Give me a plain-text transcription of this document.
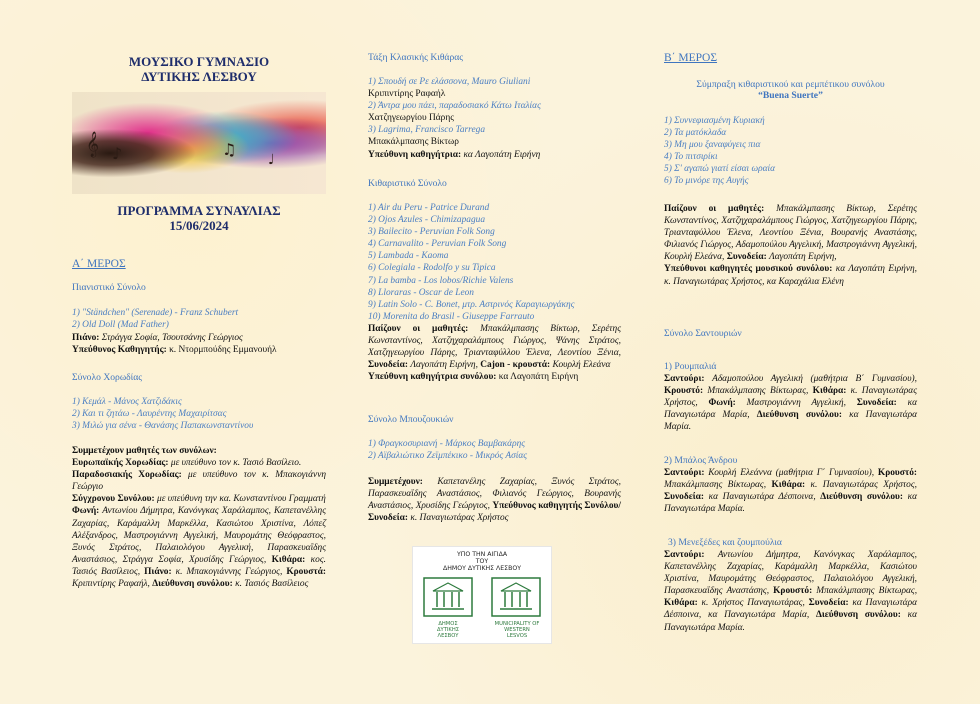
ΜΟΥΣΙΚΟ ΓΥΜΝΑΣΙΟ
ΔΥΤΙΚΗΣ ΛΕΣΒΟΥ

𝄞 ♪	♫
♩

ΠΡΟΓΡΑΜΜΑ ΣΥΝΑΥΛΙΑΣ
15/06/2024

Α΄ ΜΕΡΟΣ

Πιανιστικό Σύνολο

1) "Ständchen" (Serenade) - Franz Schubert

2) Old Doll (Mad Father)

Πιάνο: Στράγγα Σοφία, Τσουτσάνης Γεώργιος
Υπεύθυνος Καθηγητής: κ. Ντορμπούδης Εμμανουήλ

Σύνολο Χορωδίας

1) Κεμάλ - Μάνος Χατζιδάκις

2) Και τι ζητάω - Λαυρέντης Μαχαιρίτσας

3) Μιλώ για σένα - Θανάσης Παπακωνσταντίνου

Συμμετέχουν μαθητές των συνόλων:
Ευρωπαϊκής Χορωδίας: με υπεύθυνο τον κ. Τασιό Βασίλειο.
Παραδοσιακής Χορωδίας: με υπεύθυνο τον κ. Μπακογιάννη Γεώργιο
Σύγχρονου Συνόλου: με υπεύθυνη την κα. Κωνσταντίνου Γραμματή
Φωνή: Αντωνίου Δήμητρα, Κανόνγκας Χαράλαμπος, Καπετανέλλης Ζαχαρίας, Καράμαλλη Μαρκέλλα, Κασιώτου Χριστίνα, Λόπεζ Αλέξανδρος, Μαστρογιάννη Αγγελική, Μαυρομάτης Θεόφραστος, Ξυνός Στράτος, Παλαιολόγου Αγγελική, Παρασκευαΐδης Αναστάσιος, Στράγγα Σοφία, Χρυσίδης Γεώργιος, Κιθάρα: κος. Τασιός Βασίλειος, Πιάνο: κ. Μπακογιάννης Γεώργιος, Κρουστά: Κριπιντίρης Ραφαήλ, Διεύθυνση συνόλου: κ. Τασιός Βασίλειος

Τάξη Κλασικής Κιθάρας

1) Σπουδή σε Ρε ελάσσονα, Mauro Giuliani
Κριπιντίρης Ραφαήλ
2) Άντρα μου πάει, παραδοσιακό Κάτω Ιταλίας
Χατζηγεωργίου Πάρης
3) Lagrima, Francisco Tarrega
Μπακάλμπασης Βίκτωρ
Υπεύθυνη καθηγήτρια: κα Λαγοπάτη Ειρήνη

Κιθαριστικό Σύνολο

1) Air du Peru - Patrice Durand

2) Ojos Azules - Chimizapagua

3) Bailecito - Peruvian Folk Song

4) Carnavalito - Peruvian Folk Song

5) Lambada - Kaoma

6) Colegiala - Rodolfo y su Tipica

7) La bamba - Los lobos/Richie Valens

8) Lloraras - Oscar de Leon

9) Latin Solo - C. Bonet, μτρ. Αστρινός Καραγιωργάκης

10) Morenita do Brasil - Giuseppe Farrauto

Παίζουν οι μαθητές: Μπακάλμπασης Βίκτωρ, Σερέτης Κωνσταντίνος, Χατζηχαραλάμπους Γιώργος, Ψάνης Στράτος, Χατζηγεωργίου Πάρης, Τριανταφύλλου Έλενα, Λεοντίου Ξένια, Συνοδεία: Λαγοπάτη Ειρήνη, Cajon - κρουστά: Κουρλή Ελεάνα
Υπεύθυνη καθηγήτρια συνόλου: κα Λαγοπάτη Ειρήνη

Σύνολο Μπουζουκιών

1) Φραγκοσυριανή - Μάρκος Βαμβακάρης

2) Αϊβαλιώτικο Ζεϊμπέκικο - Μικρός Ασίας

Συμμετέχουν: Καπετανέλης Ζαχαρίας, Ξυνός Στράτος, Παρασκευαΐδης Αναστάσιος, Φιλιανός Γεώργιος, Βουρανής Αναστάσιος, Χρυσίδης Γεώργιος, Υπεύθυνος καθηγητής Συνόλου/Συνοδεία: κ. Παναγιωτάρας Χρήστος

ΥΠΟ ΤΗΝ ΑΙΓΙΔΑ
ΤΟΥ
ΔΗΜΟΥ ΔΥΤΙΚΗΣ ΛΕΣΒΟΥ

ΔΗΜΟΣ
ΔΥΤΙΚΗΣ
ΛΕΣΒΟΥ

MUNICIPALITY OF
WESTERN
LESVOS

Β΄ ΜΕΡΟΣ

Σύμπραξη κιθαριστικού και ρεμπέτικου συνόλου
“Buena Suerte”

1) Συννεφιασμένη Κυριακή

2) Τα ματόκλαδα

3) Μη μου ξαναφύγεις πια

4) Το πιτσιρίκι

5) Σ' αγαπώ γιατί είσαι ωραία

6) Το μινόρε της Αυγής

Παίζουν οι μαθητές: Μπακάλμπασης Βίκτωρ, Σερέτης Κωνσταντίνος, Χατζηχαραλάμπους Γιώργος, Χατζηγεωργίου Πάρης, Τριανταφύλλου Έλενα, Λεοντίου Ξένια, Βουρανής Αναστάσης, Φιλιανός Γιώργος, Αδαμοπούλου Αγγελική, Μαστρογιάννη Αγγελική, Κουρλή Ελεάνα, Συνοδεία: Λαγοπάτη Ειρήνη,
Υπεύθυνοι καθηγητές μουσικού συνόλου: κα Λαγοπάτη Ειρήνη, κ. Παναγιωτάρας Χρήστος, κα Καραχάλια Ελένη

Σύνολο Σαντουριών

1) Ρουμπαλιά

Σαντούρι: Αδαμοπούλου Αγγελική (μαθήτρια Β΄ Γυμνασίου), Κρουστό: Μπακάλμπασης Βίκτωρας, Κιθάρα: κ. Παναγιωτάρας Χρήστος, Φωνή: Μαστρογιάννη Αγγελική, Συνοδεία: κα Παναγιωτάρα Μαρία, Διεύθυνση συνόλου: κα Παναγιωτάρα Μαρία.

2) Μπάλος Άνδρου

Σαντούρι: Κουρλή Ελεάννα (μαθήτρια Γ΄ Γυμνασίου), Κρουστό: Μπακάλμπασης Βίκτωρας, Κιθάρα: κ. Παναγιωτάρας Χρήστος, Συνοδεία: κα Παναγιωτάρα Δέσποινα, Διεύθυνση συνόλου: κα Παναγιωτάρα Μαρία.

3) Μενεξέδες και ζουμπούλια

Σαντούρι: Αντωνίου Δήμητρα, Κανόνγκας Χαράλαμπος, Καπετανέλλης Ζαχαρίας, Καράμαλλη Μαρκέλλα, Κασιώτου Χριστίνα, Μαυρομάτης Θεόφραστος, Παλαιολόγου Αγγελική, Παρασκευαΐδης Αναστάσης, Κρουστό: Μπακάλμπασης Βίκτωρας, Κιθάρα: κ. Χρήστος Παναγιωτάρας, Συνοδεία: κα Παναγιωτάρα Δέσποινα, κα Παναγιωτάρα Μαρία, Διεύθυνση συνόλου: κα Παναγιωτάρα Μαρία.
